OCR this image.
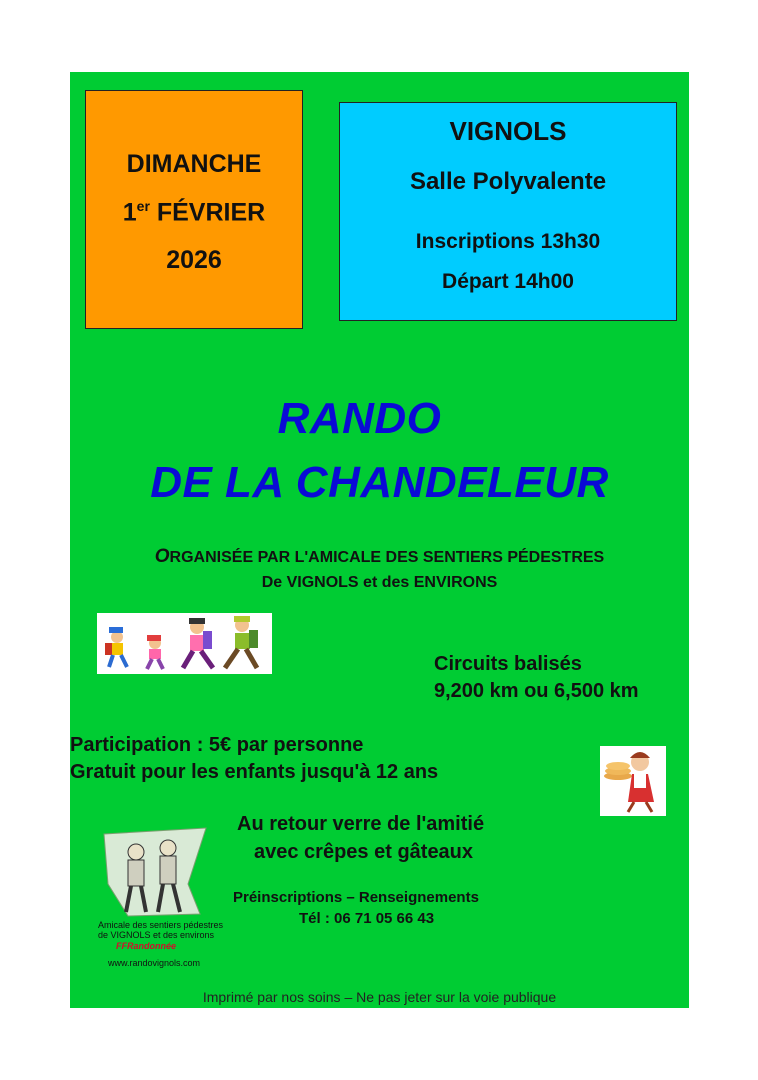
DIMANCHE
1er FÉVRIER
2026
VIGNOLS
Salle Polyvalente
Inscriptions 13h30
Départ 14h00
RANDO
DE LA CHANDELEUR
ORGANISÉE PAR L'AMICALE DES SENTIERS PÉDESTRES
De VIGNOLS et des ENVIRONS
Circuits balisés
9,200 km ou 6,500 km
Participation : 5€ par personne
Gratuit pour les enfants jusqu'à 12 ans
Au retour verre de l'amitié
avec crêpes et gâteaux
Amicale des sentiers pédestres
de VIGNOLS et des environs
FFRandonnée
www.randovignols.com
Préinscriptions – Renseignements
Tél : 06 71 05 66 43
Imprimé par nos soins – Ne pas jeter sur la voie publique
